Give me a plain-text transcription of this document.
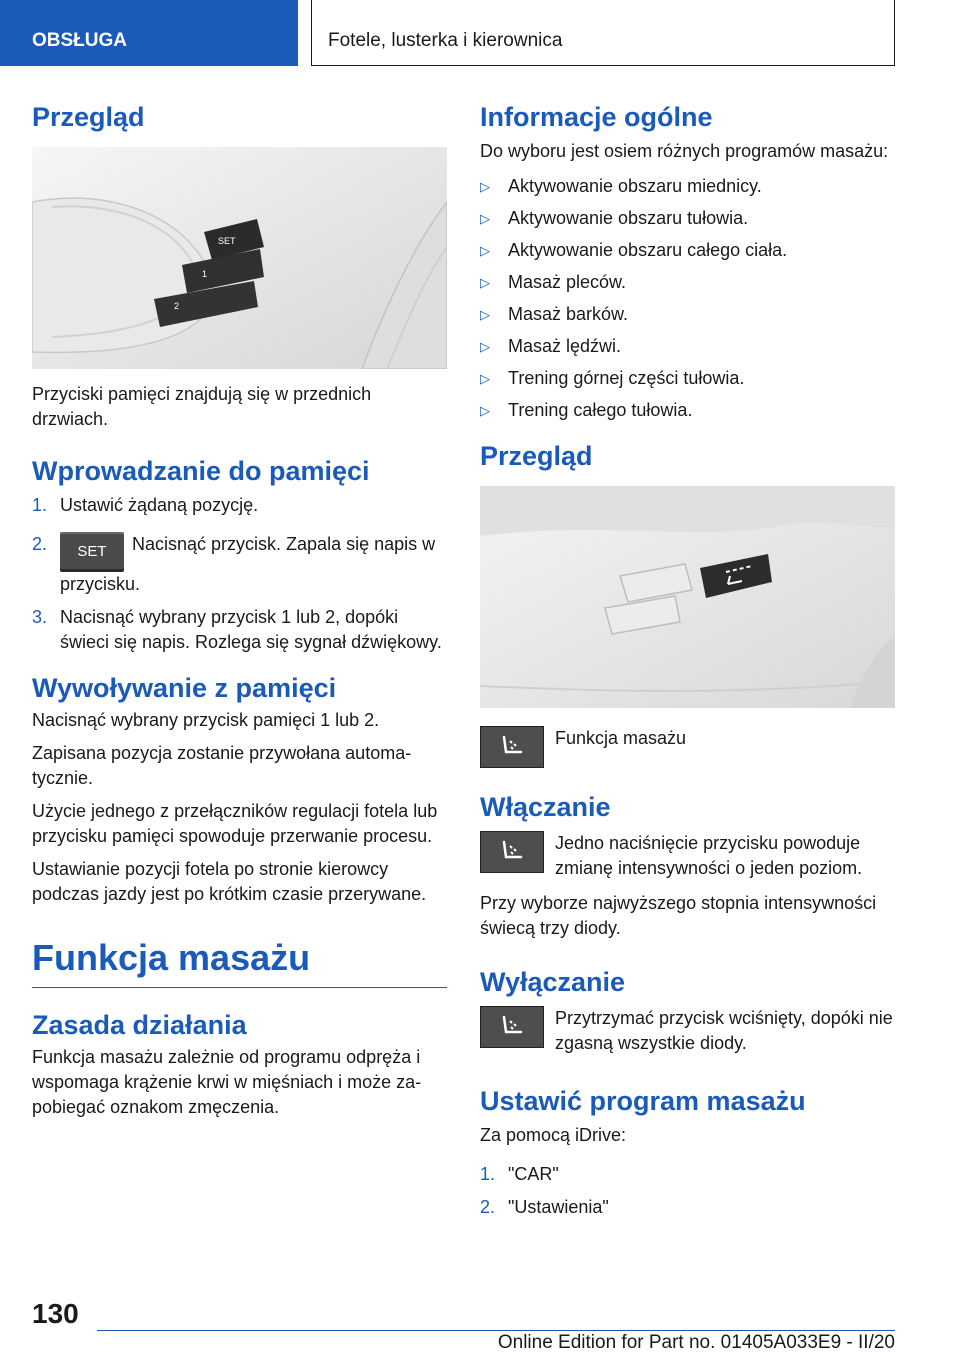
OBSŁUGA	Fotele, lusterka i kierownica
Przegląd
SET
1
2

Przyciski pamięci znajdują się w przednich drzwiach.

Wprowadzanie do pamięci
1. Ustawić żądaną pozycję.
2. SET Nacisnąć przycisk. Zapala się napis w przycisku.
3. Nacisnąć wybrany przycisk 1 lub 2, dopóki świeci się napis. Rozlega się sygnał dźwiękowy.
Wywoływanie z pamięci

Nacisnąć wybrany przycisk pamięci 1 lub 2.

Zapisana pozycja zostanie przywołana automatycznie.

Użycie jednego z przełączników regulacji fotela lub przycisku pamięci spowoduje przerwanie procesu.

Ustawianie pozycji fotela po stronie kierowcy podczas jazdy jest po krótkim czasie przerywane.

Funkcja masażu
Zasada działania

Funkcja masażu zależnie od programu odpręża i wspomaga krążenie krwi w mięśniach i może zapobiegać oznakom zmęczenia.

Informacje ogólne

Do wyboru jest osiem różnych programów masażu:

▷ Aktywowanie obszaru miednicy.
▷ Aktywowanie obszaru tułowia.
▷ Aktywowanie obszaru całego ciała.
▷ Masaż pleców.
▷ Masaż barków.
▷ Masaż lędźwi.
▷ Trening górnej części tułowia.
▷ Trening całego tułowia.
Przegląd

Funkcja masażu

Włączanie

Jedno naciśnięcie przycisku powoduje zmianę intensywności o jeden poziom.

Przy wyborze najwyższego stopnia intensywności świecą trzy diody.

Wyłączanie

Przytrzymać przycisk wciśnięty, dopóki nie zgasną wszystkie diody.

Ustawić program masażu

Za pomocą iDrive:

1. "CAR"
2. "Ustawienia"
130
Online Edition for Part no. 01405A033E9 - II/20
